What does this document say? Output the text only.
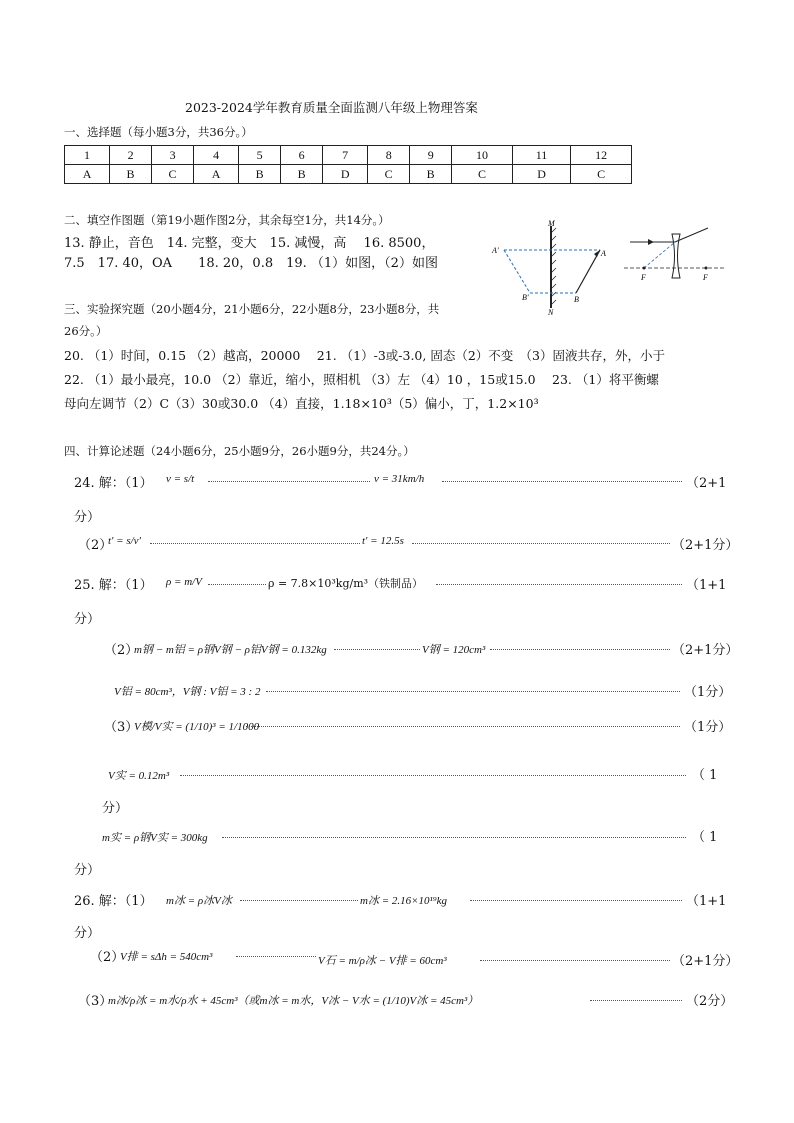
2023-2024学年教育质量全面监测八年级上物理答案
一、选择题（每小题3分，共36分。）
1	2	3	4	5	6	7	8	9	10	11	12
A	B	C	A	B	B	D	C	B	C	D	C
二、填空作图题（第19小题作图2分，其余每空1分，共14分。）
13. 静止，音色　14. 完整，变大　15. 减慢，高　 16. 8500，
7.5　17. 40，OA　　18. 20，0.8　19. （1）如图，（2）如图
M
A'	A
B'	B
N
F	F
三、实验探究题（20小题4分，21小题6分，22小题8分，23小题8分，共
26分。）
20. （1）时间，0.15 （2）越高，20000　 21. （1）-3或-3.0, 固态（2）不变　（3）固液共存，外，小于
22. （1）最小最亮，10.0 （2）靠近，缩小，照相机 （3）左 （4）10 ，15或15.0　 23. （1）将平衡螺
母向左调节（2）C（3）30或30.0 （4）直接，1.18×10³（5）偏小，丁，1.2×10³
四、计算论述题（24小题6分，25小题9分，26小题9分，共24分。）
24. 解：（1） v = s/t	v = 31km/h	（2+1
分）
（2）
t' = s/v'	t' = 12.5s	（2+1分）
25. 解：（1） ρ = m/V	ρ = 7.8×10³kg/m³（铁制品）	（1+1
分）
（2）
m钢 − m铝 = ρ钢V钢 − ρ铝V钢 = 0.132kg	V钢 = 120cm³	（2+1分）
V铝 = 80cm³，V钢 : V铝 = 3 : 2	（1分）
（3）
V模/V实 = (1/10)³ = 1/1000	（1分）
V实 = 0.12m³	（ 1
分）
m实 = ρ钢V实 = 300kg	（ 1
分）
26. 解：（1） m冰 = ρ冰V冰	m冰 = 2.16×10¹⁹kg	（1+1
分）
（2）
V排 = sΔh = 540cm³	V石 = m/ρ冰 − V排 = 60cm³	（2+1分）
（3）
m冰/ρ冰 = m水/ρ水 + 45cm³（或m冰 = m水，V冰 − V水 = (1/10)V冰 = 45cm³）	（2分）
